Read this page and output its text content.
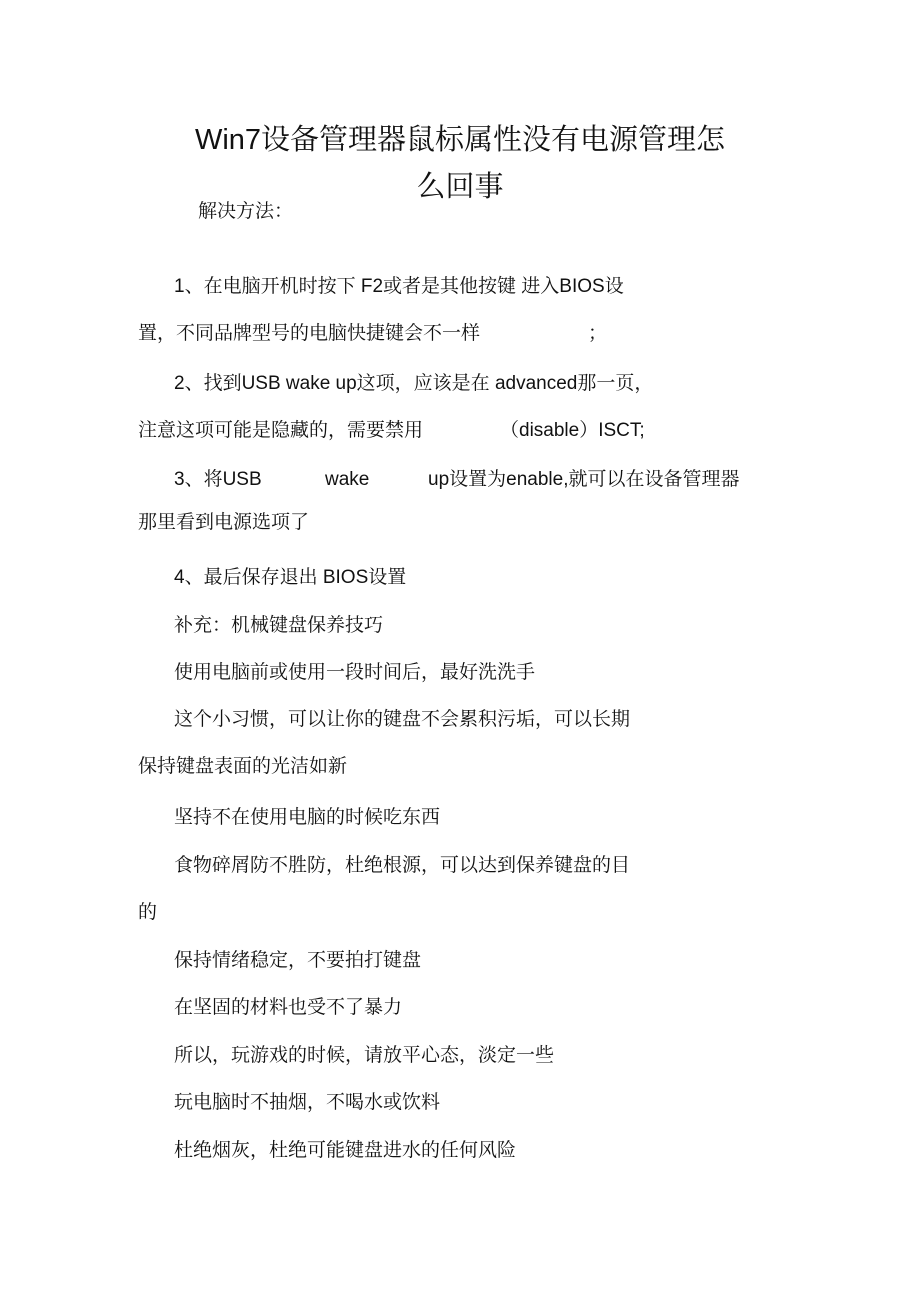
Win7设备管理器鼠标属性没有电源管理怎
么回事
解决方法：
1、在电脑开机时按下 F2或者是其他按键 进入BIOS设
置，不同品牌型号的电脑快捷键会不一样	；
2、找到USB wake up这项，应该是在 advanced那一页，
注意这项可能是隐藏的，需要禁用	（disable）ISCT;
3、将USB	wake	up设置为enable,就可以在设备管理器
那里看到电源选项了
4、最后保存退出 BIOS设置
补充：机械键盘保养技巧
使用电脑前或使用一段时间后，最好洗洗手
这个小习惯，可以让你的键盘不会累积污垢，可以长期
保持键盘表面的光洁如新
坚持不在使用电脑的时候吃东西
食物碎屑防不胜防，杜绝根源，可以达到保养键盘的目
的
保持情绪稳定，不要拍打键盘
在坚固的材料也受不了暴力
所以，玩游戏的时候，请放平心态，淡定一些
玩电脑时不抽烟，不喝水或饮料
杜绝烟灰，杜绝可能键盘进水的任何风险
